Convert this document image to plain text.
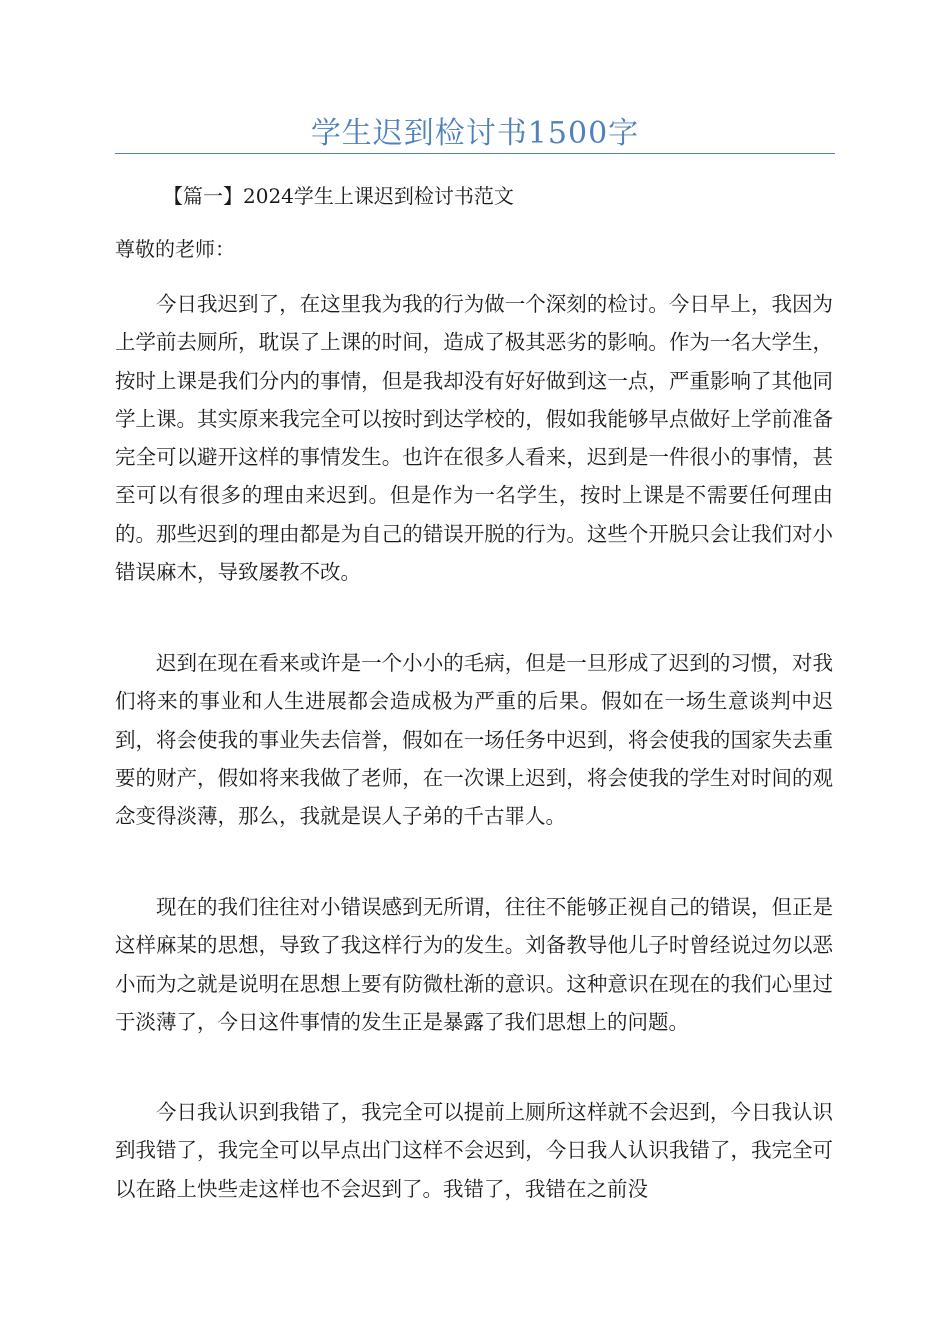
学生迟到检讨书1500字
【篇一】2024学生上课迟到检讨书范文
尊敬的老师：

今日我迟到了，在这里我为我的行为做一个深刻的检讨。今日早上，我因为上学前去厕所，耽误了上课的时间，造成了极其恶劣的影响。作为一名大学生，按时上课是我们分内的事情，但是我却没有好好做到这一点，严重影响了其他同学上课。其实原来我完全可以按时到达学校的，假如我能够早点做好上学前准备完全可以避开这样的事情发生。也许在很多人看来，迟到是一件很小的事情，甚至可以有很多的理由来迟到。但是作为一名学生，按时上课是不需要任何理由的。那些迟到的理由都是为自己的错误开脱的行为。这些个开脱只会让我们对小错误麻木，导致屡教不改。

迟到在现在看来或许是一个小小的毛病，但是一旦形成了迟到的习惯，对我们将来的事业和人生进展都会造成极为严重的后果。假如在一场生意谈判中迟到，将会使我的事业失去信誉，假如在一场任务中迟到，将会使我的国家失去重要的财产，假如将来我做了老师，在一次课上迟到，将会使我的学生对时间的观念变得淡薄，那么，我就是误人子弟的千古罪人。

现在的我们往往对小错误感到无所谓，往往不能够正视自己的错误，但正是这样麻某的思想，导致了我这样行为的发生。刘备教导他儿子时曾经说过勿以恶小而为之就是说明在思想上要有防微杜渐的意识。这种意识在现在的我们心里过于淡薄了，今日这件事情的发生正是暴露了我们思想上的问题。

今日我认识到我错了，我完全可以提前上厕所这样就不会迟到，今日我认识到我错了，我完全可以早点出门这样不会迟到，今日我人认识我错了，我完全可以在路上快些走这样也不会迟到了。我错了，我错在之前没
